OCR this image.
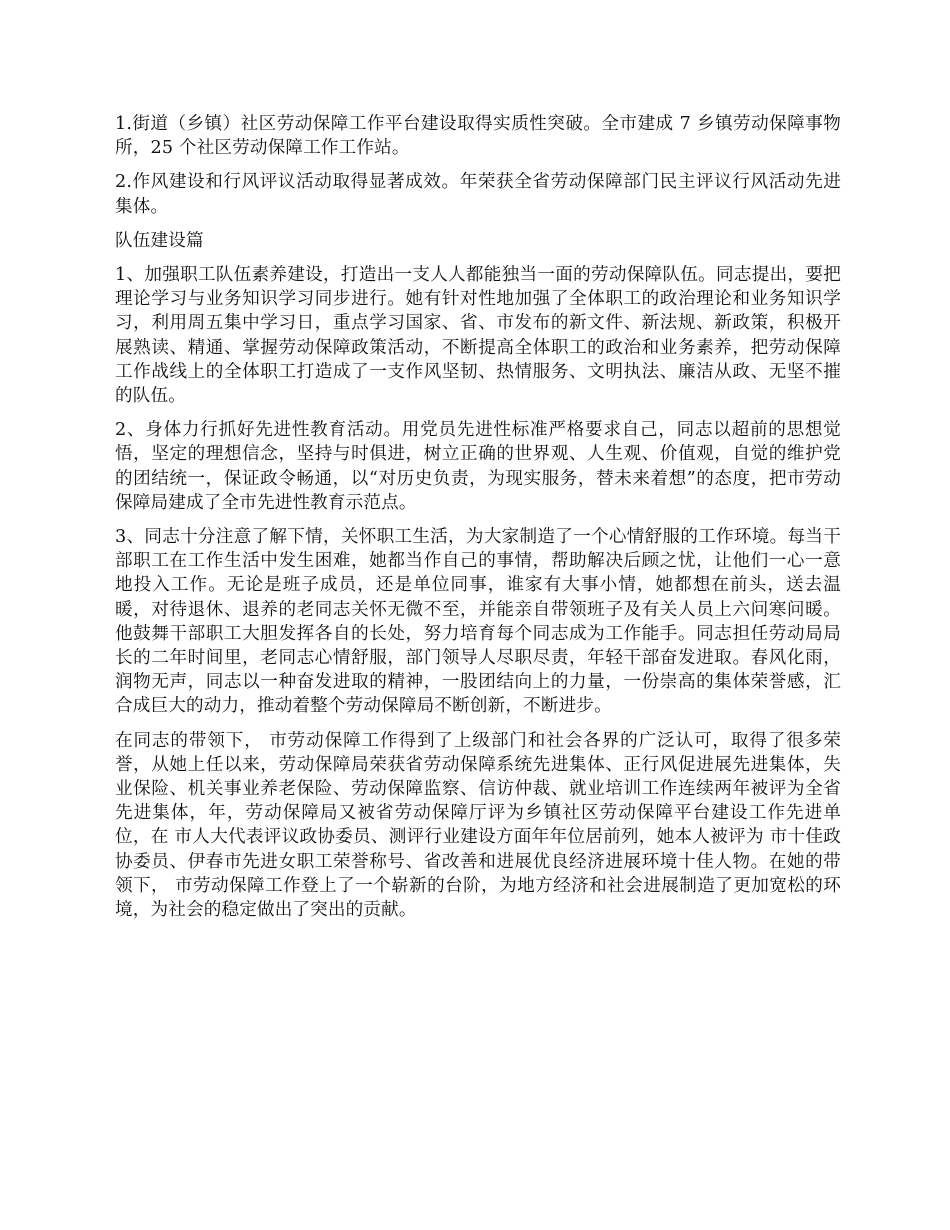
1.街道（乡镇）社区劳动保障工作平台建设取得实质性突破。全市建成 7 乡镇劳动保障事物所，25 个社区劳动保障工作工作站。

2.作风建设和行风评议活动取得显著成效。年荣获全省劳动保障部门民主评议行风活动先进集体。

队伍建设篇

1、加强职工队伍素养建设，打造出一支人人都能独当一面的劳动保障队伍。同志提出，要把理论学习与业务知识学习同步进行。她有针对性地加强了全体职工的政治理论和业务知识学习，利用周五集中学习日，重点学习国家、省、市发布的新文件、新法规、新政策，积极开展熟读、精通、掌握劳动保障政策活动，不断提高全体职工的政治和业务素养，把劳动保障工作战线上的全体职工打造成了一支作风坚韧、热情服务、文明执法、廉洁从政、无坚不摧的队伍。

2、身体力行抓好先进性教育活动。用党员先进性标准严格要求自己，同志以超前的思想觉悟，坚定的理想信念，坚持与时俱进，树立正确的世界观、人生观、价值观，自觉的维护党的团结统一，保证政令畅通，以“对历史负责，为现实服务，替未来着想”的态度，把市劳动保障局建成了全市先进性教育示范点。

3、同志十分注意了解下情，关怀职工生活，为大家制造了一个心情舒服的工作环境。每当干部职工在工作生活中发生困难，她都当作自己的事情，帮助解决后顾之忧，让他们一心一意地投入工作。无论是班子成员，还是单位同事，谁家有大事小情，她都想在前头，送去温暖，对待退休、退养的老同志关怀无微不至，并能亲自带领班子及有关人员上六问寒问暖。他鼓舞干部职工大胆发挥各自的长处，努力培育每个同志成为工作能手。同志担任劳动局局长的二年时间里，老同志心情舒服，部门领导人尽职尽责，年轻干部奋发进取。春风化雨，润物无声，同志以一种奋发进取的精神，一股团结向上的力量，一份崇高的集体荣誉感，汇合成巨大的动力，推动着整个劳动保障局不断创新，不断进步。

在同志的带领下， 市劳动保障工作得到了上级部门和社会各界的广泛认可，取得了很多荣誉，从她上任以来，劳动保障局荣获省劳动保障系统先进集体、正行风促进展先进集体，失业保险、机关事业养老保险、劳动保障监察、信访仲裁、就业培训工作连续两年被评为全省先进集体，年，劳动保障局又被省劳动保障厅评为乡镇社区劳动保障平台建设工作先进单位，在 市人大代表评议政协委员、测评行业建设方面年年位居前列，她本人被评为 市十佳政协委员、伊春市先进女职工荣誉称号、省改善和进展优良经济进展环境十佳人物。在她的带领下， 市劳动保障工作登上了一个崭新的台阶，为地方经济和社会进展制造了更加宽松的环境，为社会的稳定做出了突出的贡献。
